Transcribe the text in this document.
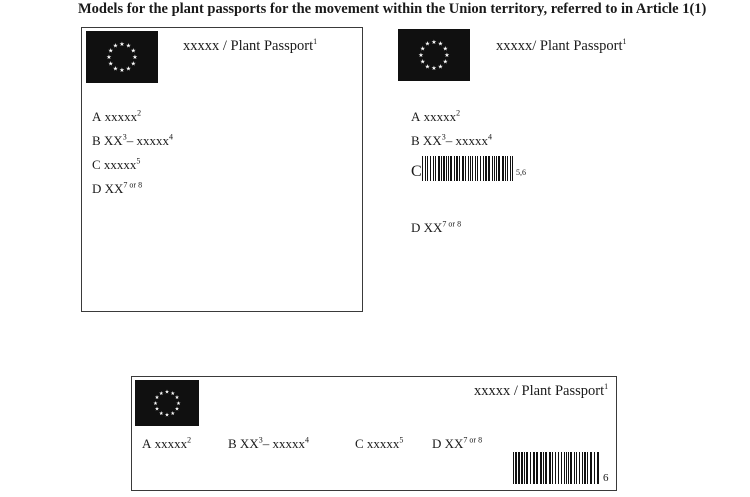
Models for the plant passports for the movement within the Union territory, referred to in Article 1(1)
★ ★
★
★
★
★
★
★
★
★
★
★	xxxxx / Plant Passport$^1$
A xxxxx$^2$
B $XX^3-$ xxxxx$^4$
C xxxxx$^5$
D $XX^{7 or 8}$
★ ★
★
★
★
★
★
★
★
★
★
★	xxxxx/ Plant Passport$^1$
A xxxxx$^2$
B $XX^3-$ xxxxx$^4$
C	5,6
D $XX^{7 or 8}$
★ ★
★
★
★
★
★
★
★
★
★
★	xxxxx / Plant Passport$^1$
A xxxxx$^2$	B $XX^3-$ xxxxx$^4$	C xxxxx$^5$ D $XX^{7 or 8}$
6
